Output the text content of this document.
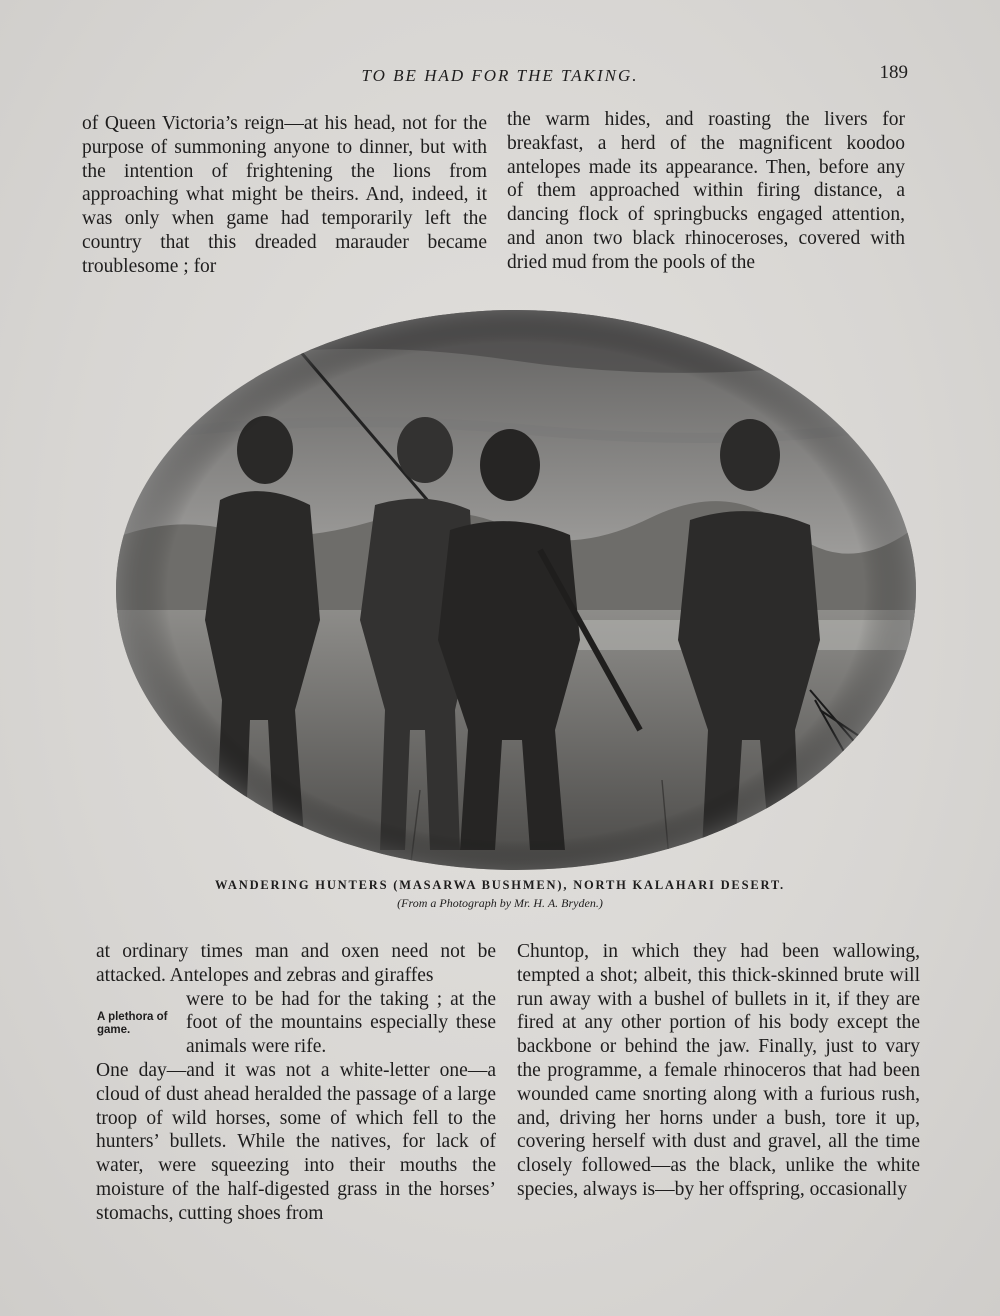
TO BE HAD FOR THE TAKING.	189

of Queen Victoria’s reign—at his head, not for the purpose of summoning anyone to dinner, but with the intention of frightening the lions from approaching what might be theirs. And, indeed, it was only when game had temporarily left the country that this dreaded marauder became troublesome ; for

the warm hides, and roasting the livers for breakfast, a herd of the magnificent koodoo antelopes made its appearance. Then, before any of them approached within firing distance, a dancing flock of springbucks engaged attention, and anon two black rhinoceroses, covered with dried mud from the pools of the

WANDERING HUNTERS (MASARWA BUSHMEN), NORTH KALAHARI DESERT.
(From a Photograph by Mr. H. A. Bryden.)

at ordinary times man and oxen need not be attacked. Antelopes and zebras and giraffes

were to be had for the taking ; at the foot of the mountains especially these animals were rife.

One day—and it was not a white-letter one—a cloud of dust ahead heralded the passage of a large troop of wild horses, some of which fell to the hunters’ bullets. While the natives, for lack of water, were squeezing into their mouths the moisture of the half-digested grass in the horses’ stomachs, cutting shoes from

A plethora of game.

Chuntop, in which they had been wallowing, tempted a shot; albeit, this thick-skinned brute will run away with a bushel of bullets in it, if they are fired at any other portion of his body except the backbone or behind the jaw. Finally, just to vary the programme, a female rhinoceros that had been wounded came snorting along with a furious rush, and, driving her horns under a bush, tore it up, covering herself with dust and gravel, all the time closely followed—as the black, unlike the white species, always is—by her offspring, occasionally
